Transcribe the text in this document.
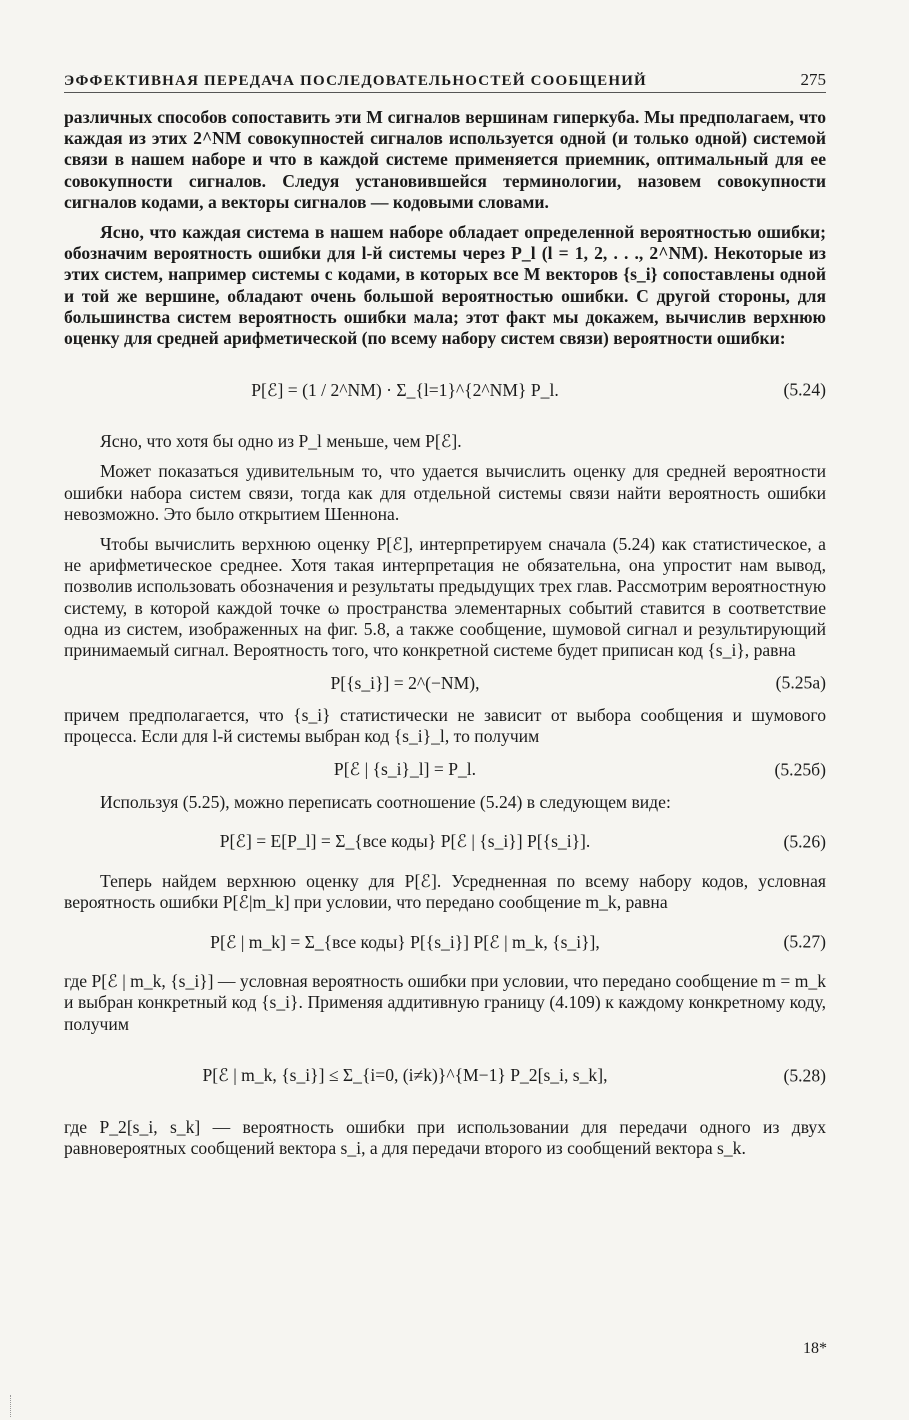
ЭФФЕКТИВНАЯ ПЕРЕДАЧА ПОСЛЕДОВАТЕЛЬНОСТЕЙ СООБЩЕНИЙ	275

различных способов сопоставить эти M сигналов вершинам гиперкуба. Мы предполагаем, что каждая из этих 2^NM совокупностей сигналов используется одной (и только одной) системой связи в нашем наборе и что в каждой системе применяется приемник, оптимальный для ее совокупности сигналов. Следуя установившейся терминологии, назовем совокупности сигналов кодами, а векторы сигналов — кодовыми словами.

Ясно, что каждая система в нашем наборе обладает определенной вероятностью ошибки; обозначим вероятность ошибки для l-й системы через P_l (l = 1, 2, . . ., 2^NM). Некоторые из этих систем, например системы с кодами, в которых все M векторов {s_i} сопоставлены одной и той же вершине, обладают очень большой вероятностью ошибки. С другой стороны, для большинства систем вероятность ошибки мала; этот факт мы докажем, вычислив верхнюю оценку для средней арифметической (по всему набору систем связи) вероятности ошибки:

P[ℰ] = (1 / 2^NM) · Σ_{l=1}^{2^NM} P_l.	(5.24)

Ясно, что хотя бы одно из P_l меньше, чем P[ℰ].

Может показаться удивительным то, что удается вычислить оценку для средней вероятности ошибки набора систем связи, тогда как для отдельной системы связи найти вероятность ошибки невозможно. Это было открытием Шеннона.

Чтобы вычислить верхнюю оценку P[ℰ], интерпретируем сначала (5.24) как статистическое, а не арифметическое среднее. Хотя такая интерпретация не обязательна, она упростит нам вывод, позволив использовать обозначения и результаты предыдущих трех глав. Рассмотрим вероятностную систему, в которой каждой точке ω пространства элементарных событий ставится в соответствие одна из систем, изображенных на фиг. 5.8, а также сообщение, шумовой сигнал и результирующий принимаемый сигнал. Вероятность того, что конкретной системе будет приписан код {s_i}, равна

P[{s_i}] = 2^(−NM),	(5.25a)

причем предполагается, что {s_i} статистически не зависит от выбора сообщения и шумового процесса. Если для l-й системы выбран код {s_i}_l, то получим

P[ℰ | {s_i}_l] = P_l.	(5.25б)

Используя (5.25), можно переписать соотношение (5.24) в следующем виде:

P[ℰ] = E[P_l] = Σ_{все коды} P[ℰ | {s_i}] P[{s_i}].	(5.26)

Теперь найдем верхнюю оценку для P[ℰ]. Усредненная по всему набору кодов, условная вероятность ошибки P[ℰ|m_k] при условии, что передано сообщение m_k, равна

P[ℰ | m_k] = Σ_{все коды} P[{s_i}] P[ℰ | m_k, {s_i}],	(5.27)

где P[ℰ | m_k, {s_i}] — условная вероятность ошибки при условии, что передано сообщение m = m_k и выбран конкретный код {s_i}. Применяя аддитивную границу (4.109) к каждому конкретному коду, получим

P[ℰ | m_k, {s_i}] ≤ Σ_{i=0, (i≠k)}^{M−1} P_2[s_i, s_k],	(5.28)

где P_2[s_i, s_k] — вероятность ошибки при использовании для передачи одного из двух равновероятных сообщений вектора s_i, а для передачи второго из сообщений вектора s_k.

18*
